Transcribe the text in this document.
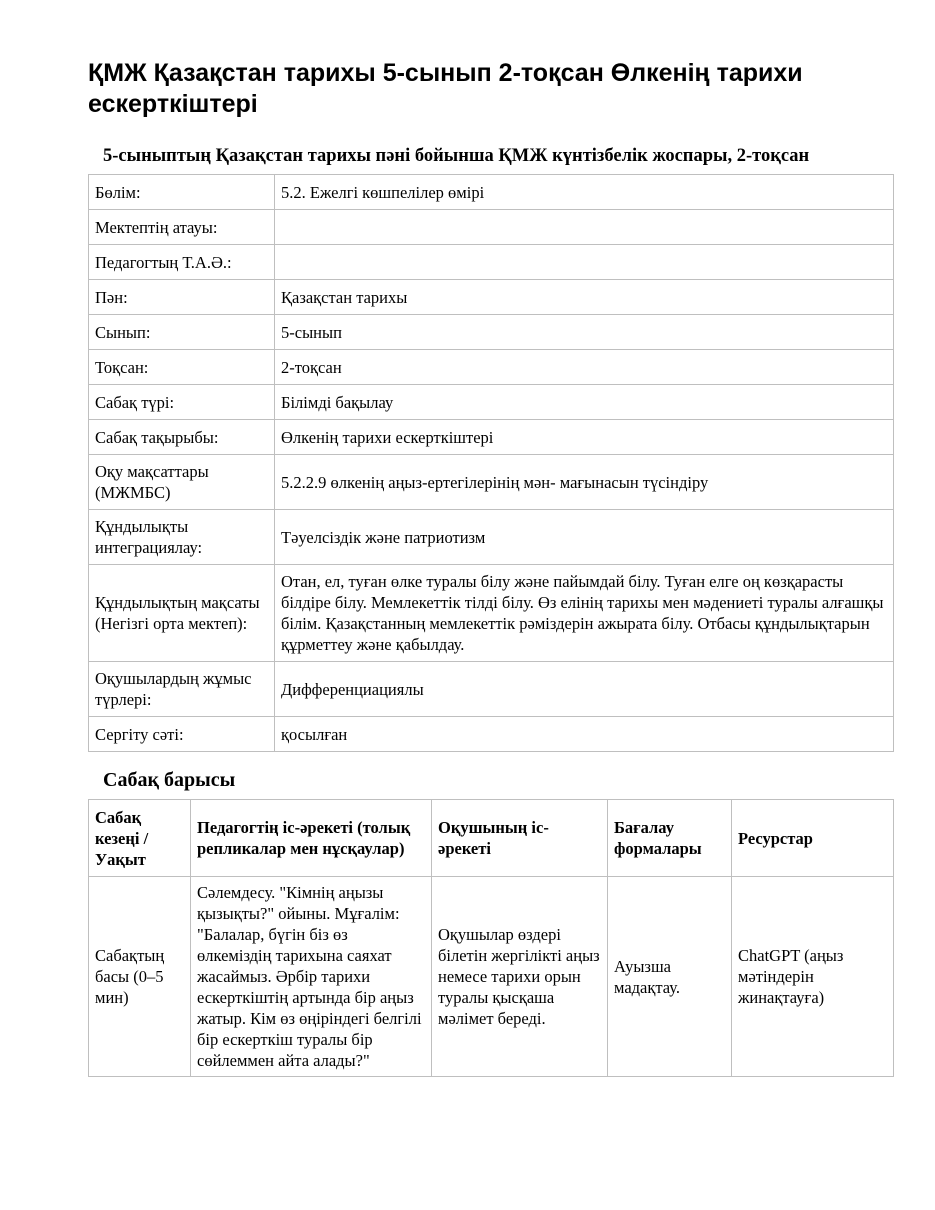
ҚМЖ Қазақстан тарихы 5-сынып 2-тоқсан Өлкенің тарихи ескерткіштері
5-сыныптың Қазақстан тарихы пәні бойынша ҚМЖ күнтізбелік жоспары, 2-тоқсан
Бөлім:	5.2. Ежелгі көшпелілер өмірі
Мектептің атауы:	
Педагогтың Т.А.Ә.:	
Пән:	Қазақстан тарихы
Сынып:	5-сынып
Тоқсан:	2-тоқсан
Сабақ түрі:	Білімді бақылау
Сабақ тақырыбы:	Өлкенің тарихи ескерткіштері
Оқу мақсаттары (МЖМБС)	5.2.2.9 өлкенің аңыз-ертегілерінің мән- мағынасын түсіндіру
Құндылықты интеграциялау:	Тәуелсіздік және патриотизм
Құндылықтың мақсаты (Негізгі орта мектеп):	Отан, ел, туған өлке туралы білу және пайымдай білу. Туған елге оң көзқарасты білдіре білу. Мемлекеттік тілді білу. Өз елінің тарихы мен мәдениеті туралы алғашқы білім. Қазақстанның мемлекеттік рәміздерін ажырата білу. Отбасы құндылықтарын құрметтеу және қабылдау.
Оқушылардың жұмыс түрлері:	Дифференциациялы
Сергіту сәті:	қосылған
Сабақ барысы
Сабақ кезеңі / Уақыт	Педагогтің іс-әрекеті (толық репликалар мен нұсқаулар)	Оқушының іс-әрекеті	Бағалау формалары	Ресурстар
Сабақтың басы (0–5 мин)	Сәлемдесу. "Кімнің аңызы қызықты?" ойыны. Мұғалім: "Балалар, бүгін біз өз өлкеміздің тарихына саяхат жасаймыз. Әрбір тарихи ескерткіштің артында бір аңыз жатыр. Кім өз өңіріндегі белгілі бір ескерткіш туралы бір сөйлеммен айта алады?"	Оқушылар өздері білетін жергілікті аңыз немесе тарихи орын туралы қысқаша мәлімет береді.	Ауызша мадақтау.	ChatGPT (аңыз мәтіндерін жинақтауға)
